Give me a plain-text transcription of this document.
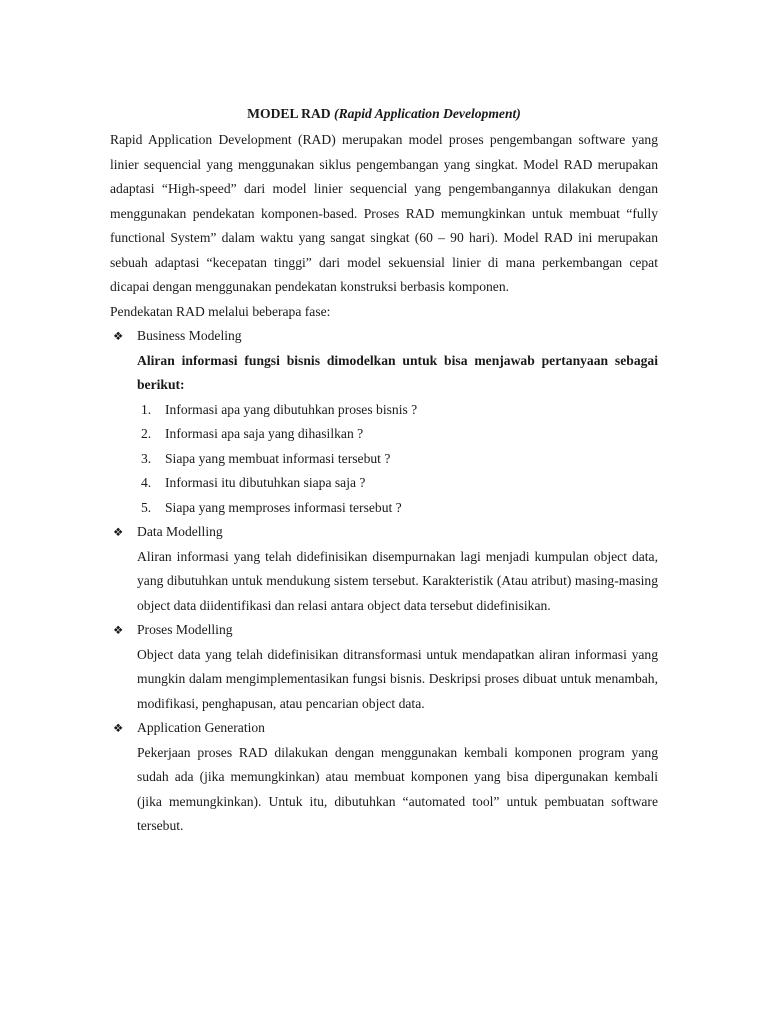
MODEL RAD (Rapid Application Development)

Rapid Application Development (RAD) merupakan model proses pengembangan software yang linier sequencial yang menggunakan siklus pengembangan yang singkat. Model RAD merupakan adaptasi “High-speed” dari model linier sequencial yang pengembangannya dilakukan dengan menggunakan pendekatan komponen-based. Proses RAD memungkinkan untuk membuat “fully functional System” dalam waktu yang sangat singkat (60 – 90 hari). Model RAD ini merupakan sebuah adaptasi “kecepatan tinggi” dari model sekuensial linier di mana perkembangan cepat dicapai dengan menggunakan pendekatan konstruksi berbasis komponen.

Pendekatan RAD melalui beberapa fase:

❖ Business Modeling

Aliran informasi fungsi bisnis dimodelkan untuk bisa menjawab pertanyaan sebagai berikut:

1. Informasi apa yang dibutuhkan proses bisnis ?
2. Informasi apa saja yang dihasilkan ?
3. Siapa yang membuat informasi tersebut ?
4. Informasi itu dibutuhkan siapa saja ?
5. Siapa yang memproses informasi tersebut ?
❖ Data Modelling

Aliran informasi yang telah didefinisikan disempurnakan lagi menjadi kumpulan object data, yang dibutuhkan untuk mendukung sistem tersebut. Karakteristik (Atau atribut) masing-masing object data diidentifikasi dan relasi antara object data tersebut didefinisikan.

❖ Proses Modelling

Object data yang telah didefinisikan ditransformasi untuk mendapatkan aliran informasi yang mungkin dalam mengimplementasikan fungsi bisnis. Deskripsi proses dibuat untuk menambah, modifikasi, penghapusan, atau pencarian object data.

❖ Application Generation

Pekerjaan proses RAD dilakukan dengan menggunakan kembali komponen program yang sudah ada (jika memungkinkan) atau membuat komponen yang bisa dipergunakan kembali (jika memungkinkan). Untuk itu, dibutuhkan “automated tool” untuk pembuatan software tersebut.
